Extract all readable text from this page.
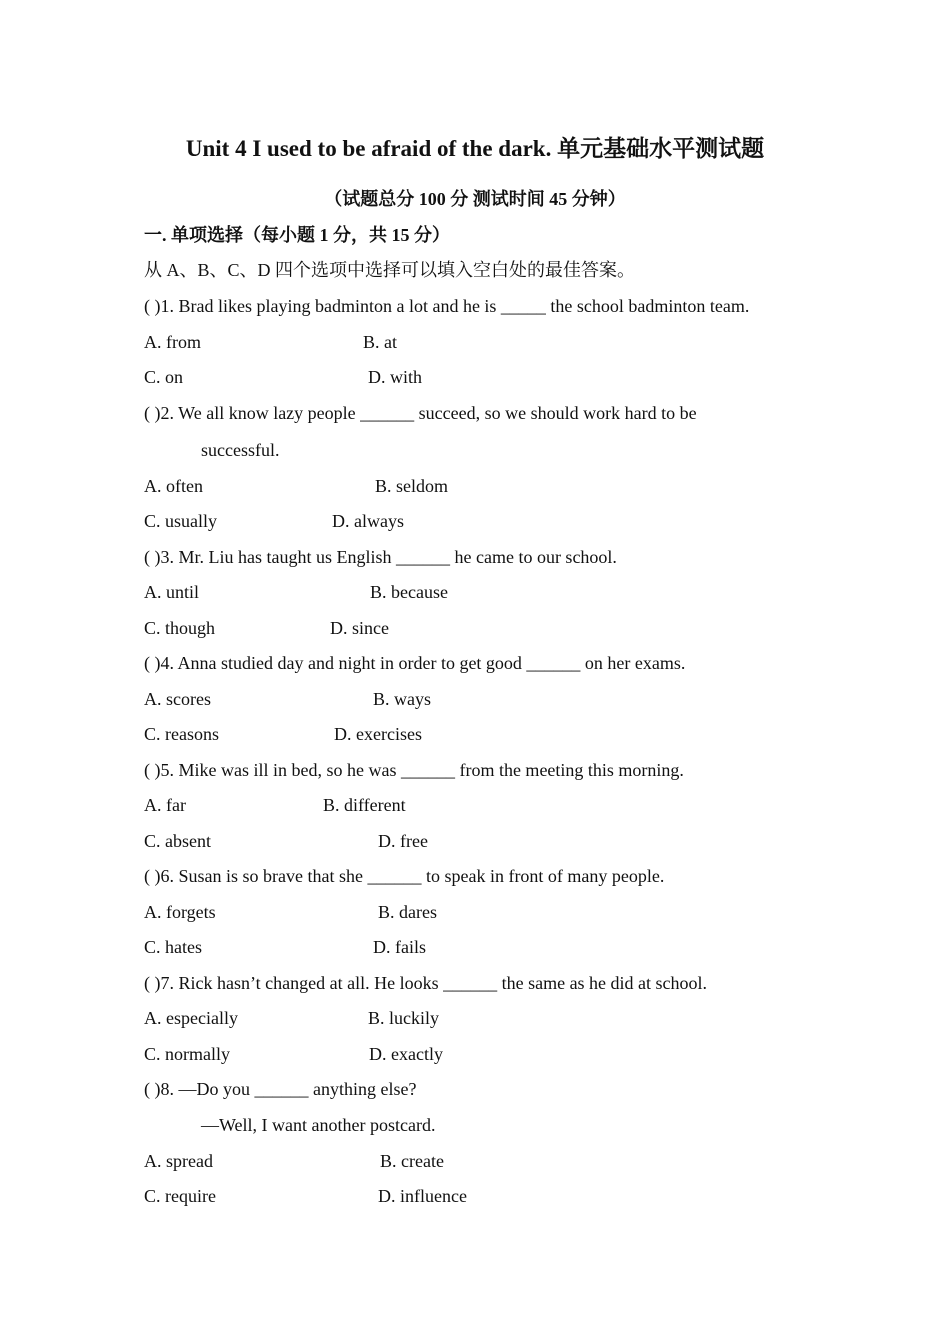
Unit 4 I used to be afraid of the dark. 单元基础水平测试题
（试题总分 100 分 测试时间 45 分钟）
一. 单项选择（每小题 1 分，共 15 分）
从 A、B、C、D 四个选项中选择可以填入空白处的最佳答案。
( )1. Brad likes playing badminton a lot and he is _____ the school badminton team.
A. from	B. at
C. on	D. with
( )2. We all know lazy people ______ succeed, so we should work hard to be
successful.
A. often	B. seldom
C. usually	D. always
( )3. Mr. Liu has taught us English ______ he came to our school.
A. until	B. because
C. though	D. since
( )4. Anna studied day and night in order to get good ______ on her exams.
A. scores	B. ways
C. reasons	D. exercises
( )5. Mike was ill in bed, so he was ______ from the meeting this morning.
A. far	B. different
C. absent	D. free
( )6. Susan is so brave that she ______ to speak in front of many people.
A. forgets	B. dares
C. hates	D. fails
( )7. Rick hasn’t changed at all. He looks ______ the same as he did at school.
A. especially	B. luckily
C. normally	D. exactly
( )8. —Do you ______ anything else?
—Well, I want another postcard.
A. spread	B. create
C. require	D. influence
